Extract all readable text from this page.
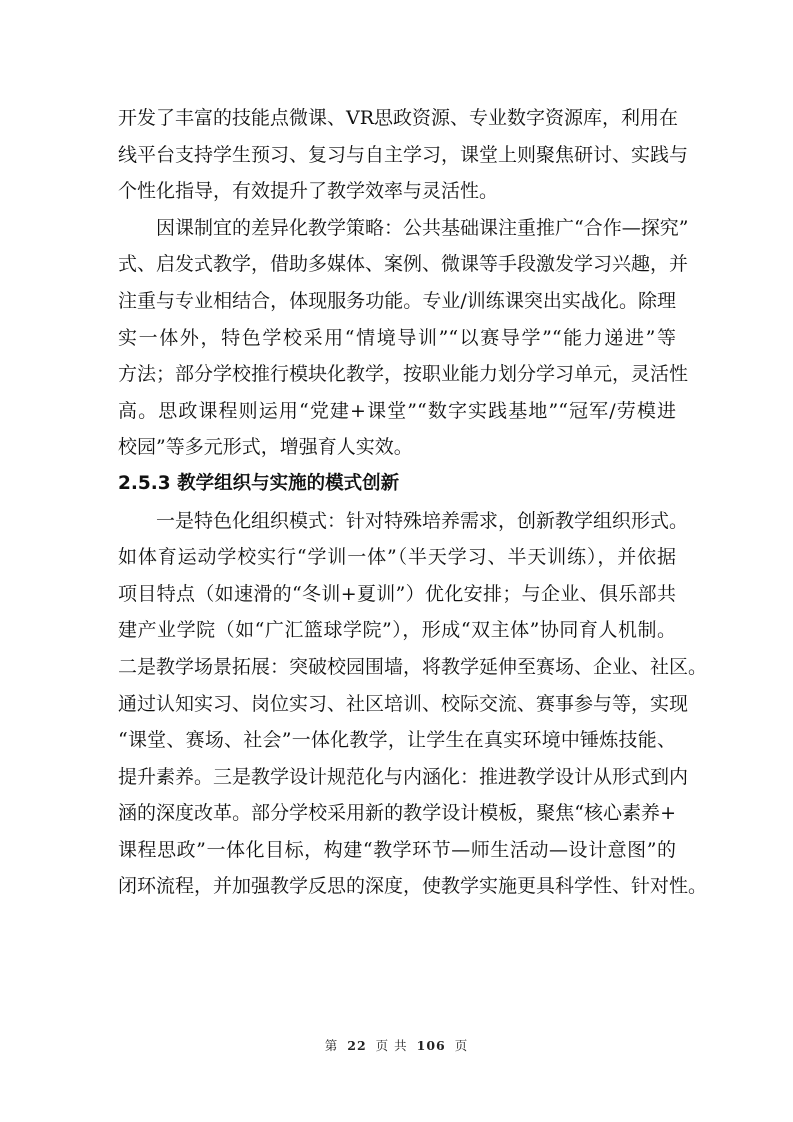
开发了丰富的技能点微课、VR思政资源、专业数字资源库，利用在
线平台支持学生预习、复习与自主学习，课堂上则聚焦研讨、实践与
个性化指导，有效提升了教学效率与灵活性。

　　因课制宜的差异化教学策略：公共基础课注重推广“合作—探究”
式、启发式教学，借助多媒体、案例、微课等手段激发学习兴趣，并
注重与专业相结合，体现服务功能。专业/训练课突出实战化。除理
实一体外，特色学校采用“情境导训”“以赛导学”“能力递进”等
方法；部分学校推行模块化教学，按职业能力划分学习单元，灵活性
高。思政课程则运用“党建+课堂”“数字实践基地”“冠军/劳模进
校园”等多元形式，增强育人实效。

2.5.3 教学组织与实施的模式创新

　　一是特色化组织模式：针对特殊培养需求，创新教学组织形式。
如体育运动学校实行“学训一体”（半天学习、半天训练），并依据
项目特点（如速滑的“冬训+夏训”）优化安排；与企业、俱乐部共
建产业学院（如“广汇篮球学院”），形成“双主体”协同育人机制。
二是教学场景拓展：突破校园围墙，将教学延伸至赛场、企业、社区。
通过认知实习、岗位实习、社区培训、校际交流、赛事参与等，实现
“课堂、赛场、社会”一体化教学，让学生在真实环境中锤炼技能、
提升素养。三是教学设计规范化与内涵化：推进教学设计从形式到内
涵的深度改革。部分学校采用新的教学设计模板，聚焦“核心素养+
课程思政”一体化目标，构建“教学环节—师生活动—设计意图”的
闭环流程，并加强教学反思的深度，使教学实施更具科学性、针对性。

第 22 页 共 106 页
